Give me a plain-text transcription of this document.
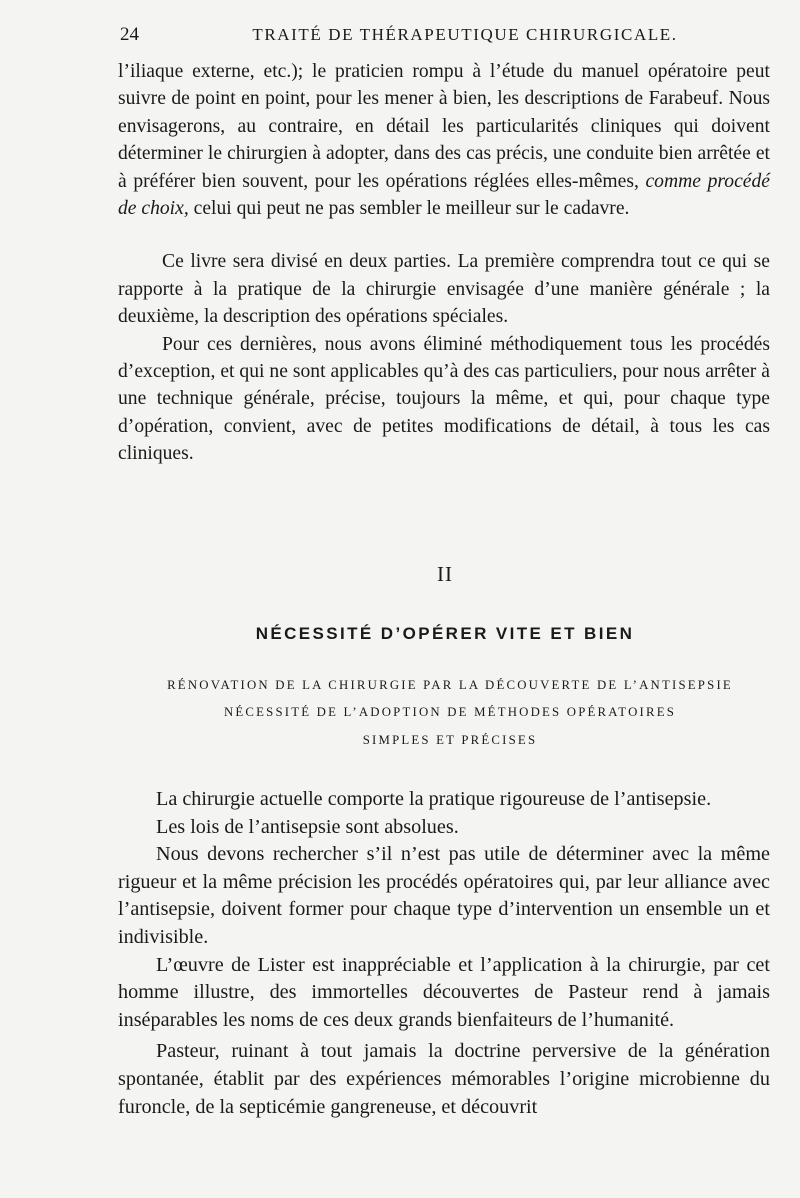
24	TRAITÉ DE THÉRAPEUTIQUE CHIRURGICALE.

l’iliaque externe, etc.); le praticien rompu à l’étude du manuel opératoire peut suivre de point en point, pour les mener à bien, les descriptions de Farabeuf. Nous envisagerons, au contraire, en détail les particularités cliniques qui doivent déterminer le chirurgien à adopter, dans des cas précis, une conduite bien arrêtée et à préférer bien souvent, pour les opérations réglées elles-mêmes, comme procédé de choix, celui qui peut ne pas sembler le meilleur sur le cadavre.

Ce livre sera divisé en deux parties. La première comprendra tout ce qui se rapporte à la pratique de la chirurgie envisagée d’une manière générale ; la deuxième, la description des opérations spéciales.

Pour ces dernières, nous avons éliminé méthodiquement tous les procédés d’exception, et qui ne sont applicables qu’à des cas particuliers, pour nous arrêter à une technique générale, précise, toujours la même, et qui, pour chaque type d’opération, convient, avec de petites modifications de détail, à tous les cas cliniques.

II
NÉCESSITÉ D’OPÉRER VITE ET BIEN
RÉNOVATION DE LA CHIRURGIE PAR LA DÉCOUVERTE DE L’ANTISEPSIE
NÉCESSITÉ DE L’ADOPTION DE MÉTHODES OPÉRATOIRES
SIMPLES ET PRÉCISES

La chirurgie actuelle comporte la pratique rigoureuse de l’antisepsie.

Les lois de l’antisepsie sont absolues.

Nous devons rechercher s’il n’est pas utile de déterminer avec la même rigueur et la même précision les procédés opératoires qui, par leur alliance avec l’antisepsie, doivent former pour chaque type d’intervention un ensemble un et indivisible.

L’œuvre de Lister est inappréciable et l’application à la chirurgie, par cet homme illustre, des immortelles découvertes de Pasteur rend à jamais inséparables les noms de ces deux grands bienfaiteurs de l’humanité.

Pasteur, ruinant à tout jamais la doctrine perversive de la génération spontanée, établit par des expériences mémorables l’origine microbienne du furoncle, de la septicémie gangreneuse, et découvrit
